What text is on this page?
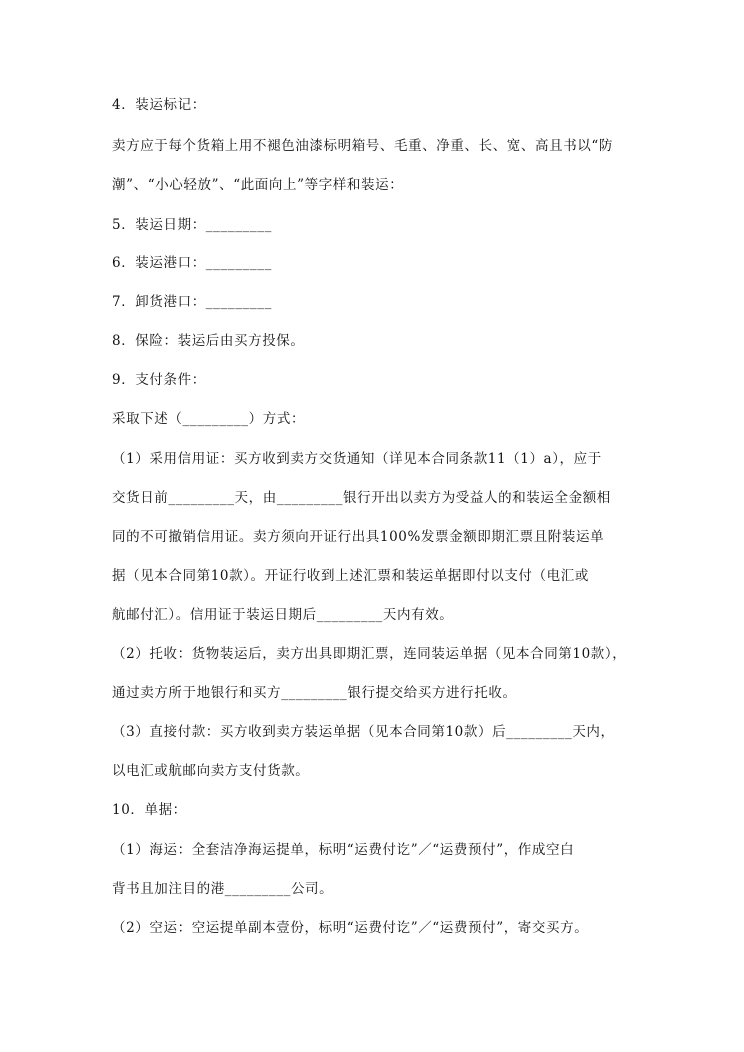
4．装运标记：
卖方应于每个货箱上用不褪色油漆标明箱号、毛重、净重、长、宽、高且书以“防
潮”、“小心轻放”、“此面向上”等字样和装运：
5．装运日期：_________
6．装运港口：_________
7．卸货港口：_________
8．保险：装运后由买方投保。
9．支付条件：
采取下述（_________）方式：
（1）采用信用证：买方收到卖方交货通知（详见本合同条款11（1）a），应于
交货日前_________天，由_________银行开出以卖方为受益人的和装运全金额相
同的不可撤销信用证。卖方须向开证行出具100%发票金额即期汇票且附装运单
据（见本合同第10款）。开证行收到上述汇票和装运单据即付以支付（电汇或
航邮付汇）。信用证于装运日期后_________天内有效。
（2）托收：货物装运后，卖方出具即期汇票，连同装运单据（见本合同第10款），
通过卖方所于地银行和买方_________银行提交给买方进行托收。
（3）直接付款：买方收到卖方装运单据（见本合同第10款）后_________天内，
以电汇或航邮向卖方支付货款。
10．单据：
（1）海运：全套洁净海运提单，标明“运费付讫”／“运费预付”，作成空白
背书且加注目的港_________公司。
（2）空运：空运提单副本壹份，标明“运费付讫”／“运费预付”，寄交买方。
